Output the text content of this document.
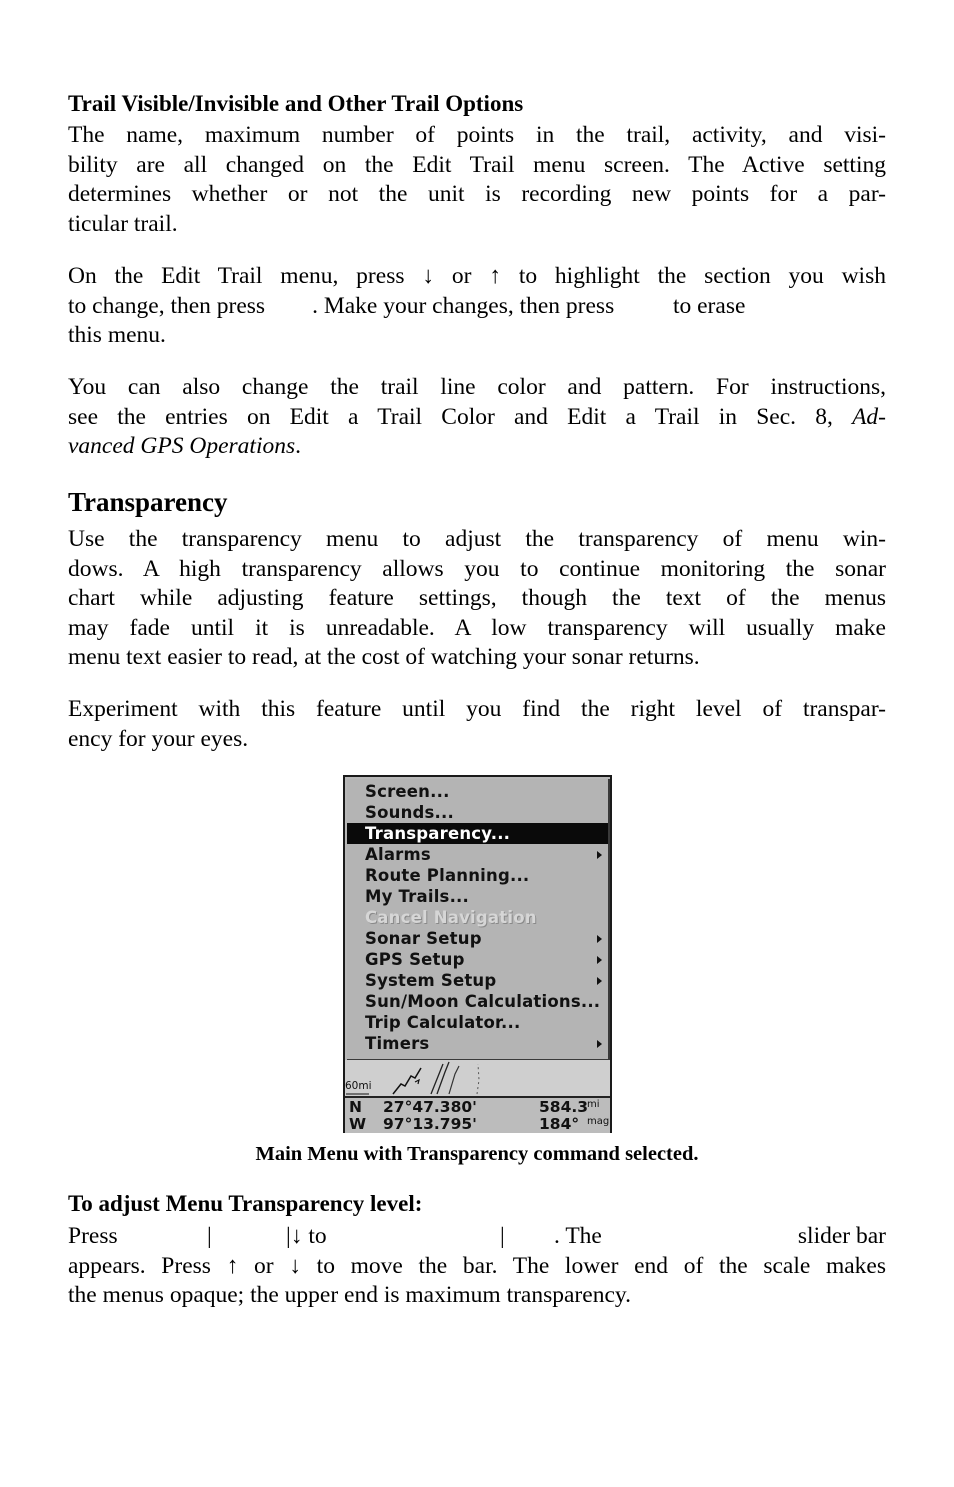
Trail Visible/Invisible and Other Trail Options
The name, maximum number of points in the trail, activity, and visi-
bility are all changed on the Edit Trail menu screen. The Active setting
determines whether or not the unit is recording new points for a par-
ticular trail.
On the Edit Trail menu, press ↓ or ↑ to highlight the section you wish
to change, then press        . Make your changes, then press          to erase
this menu.
You can also change the trail line color and pattern. For instructions,
see the entries on Edit a Trail Color and Edit a Trail in Sec. 8, Ad-
vanced GPS Operations.
Transparency
Use the transparency menu to adjust the transparency of menu win-
dows. A high transparency allows you to continue monitoring the sonar
chart while adjusting feature settings, though the text of the menus
may fade until it is unreadable. A low transparency will usually make
menu text easier to read, at the cost of watching your sonar returns.
Experiment with this feature until you find the right level of transpar-
ency for your eyes.
Main Menu with Transparency command selected.
To adjust Menu Transparency level:
Press	|	|↓ to	| . The	slider bar
appears. Press ↑ or ↓ to move the bar. The lower end of the scale makes
the menus opaque; the upper end is maximum transparency.
Screen...
Sounds...
Transparency...
Alarms
Route Planning...
My Trails...
Cancel Navigation
Sonar Setup
GPS Setup
System Setup
Sun/Moon Calculations...
Trip Calculator...
Timers
60mi
N 27°47.380'	584.3
mi
W 97°13.795'	184° mag
